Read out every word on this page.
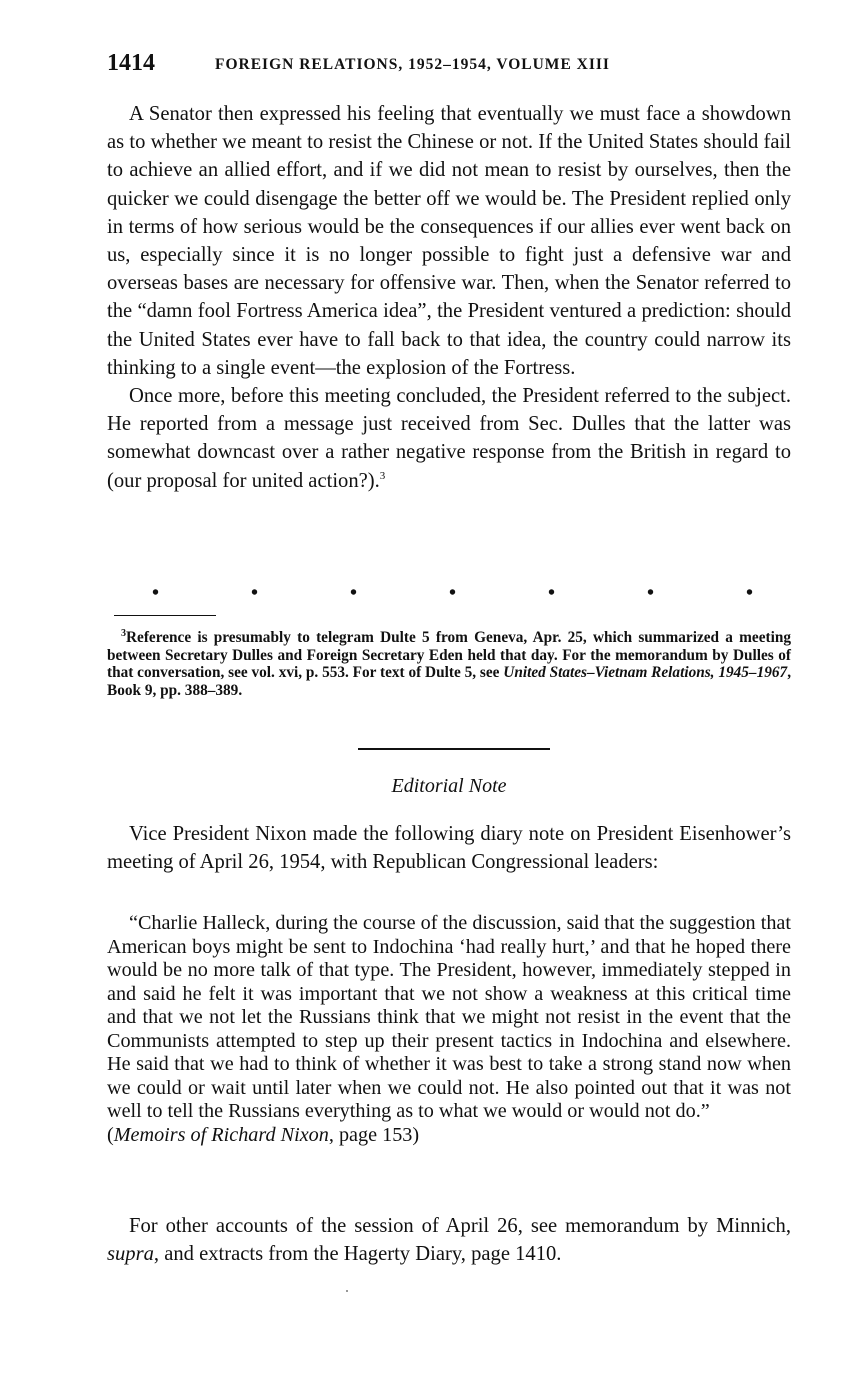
1414	FOREIGN RELATIONS, 1952–1954, VOLUME XIII

A Senator then expressed his feeling that eventually we must face a showdown as to whether we meant to resist the Chinese or not. If the United States should fail to achieve an allied effort, and if we did not mean to resist by ourselves, then the quicker we could disengage the better off we would be. The President replied only in terms of how serious would be the consequences if our allies ever went back on us, especially since it is no longer possible to fight just a defensive war and overseas bases are necessary for offensive war. Then, when the Senator referred to the “damn fool Fortress America idea”, the President ventured a prediction: should the United States ever have to fall back to that idea, the country could narrow its thinking to a single event—the explosion of the Fortress.

Once more, before this meeting concluded, the President referred to the subject. He reported from a message just received from Sec. Dulles that the latter was somewhat downcast over a rather negative response from the British in regard to (our proposal for united action?).$^3$

•	•	•	•	•	•	•

$^3$Reference is presumably to telegram Dulte 5 from Geneva, Apr. 25, which summarized a meeting between Secretary Dulles and Foreign Secretary Eden held that day. For the memorandum by Dulles of that conversation, see vol. xvi, p. 553. For text of Dulte 5, see United States–Vietnam Relations, 1945–1967, Book 9, pp. 388–389.

Editorial Note

Vice President Nixon made the following diary note on President Eisenhower’s meeting of April 26, 1954, with Republican Congressional leaders:

“Charlie Halleck, during the course of the discussion, said that the suggestion that American boys might be sent to Indochina ‘had really hurt,’ and that he hoped there would be no more talk of that type. The President, however, immediately stepped in and said he felt it was important that we not show a weakness at this critical time and that we not let the Russians think that we might not resist in the event that the Communists attempted to step up their present tactics in Indochina and elsewhere. He said that we had to think of whether it was best to take a strong stand now when we could or wait until later when we could not. He also pointed out that it was not well to tell the Russians everything as to what we would or would not do.”
(Memoirs of Richard Nixon, page 153)

For other accounts of the session of April 26, see memorandum by Minnich, supra, and extracts from the Hagerty Diary, page 1410.
